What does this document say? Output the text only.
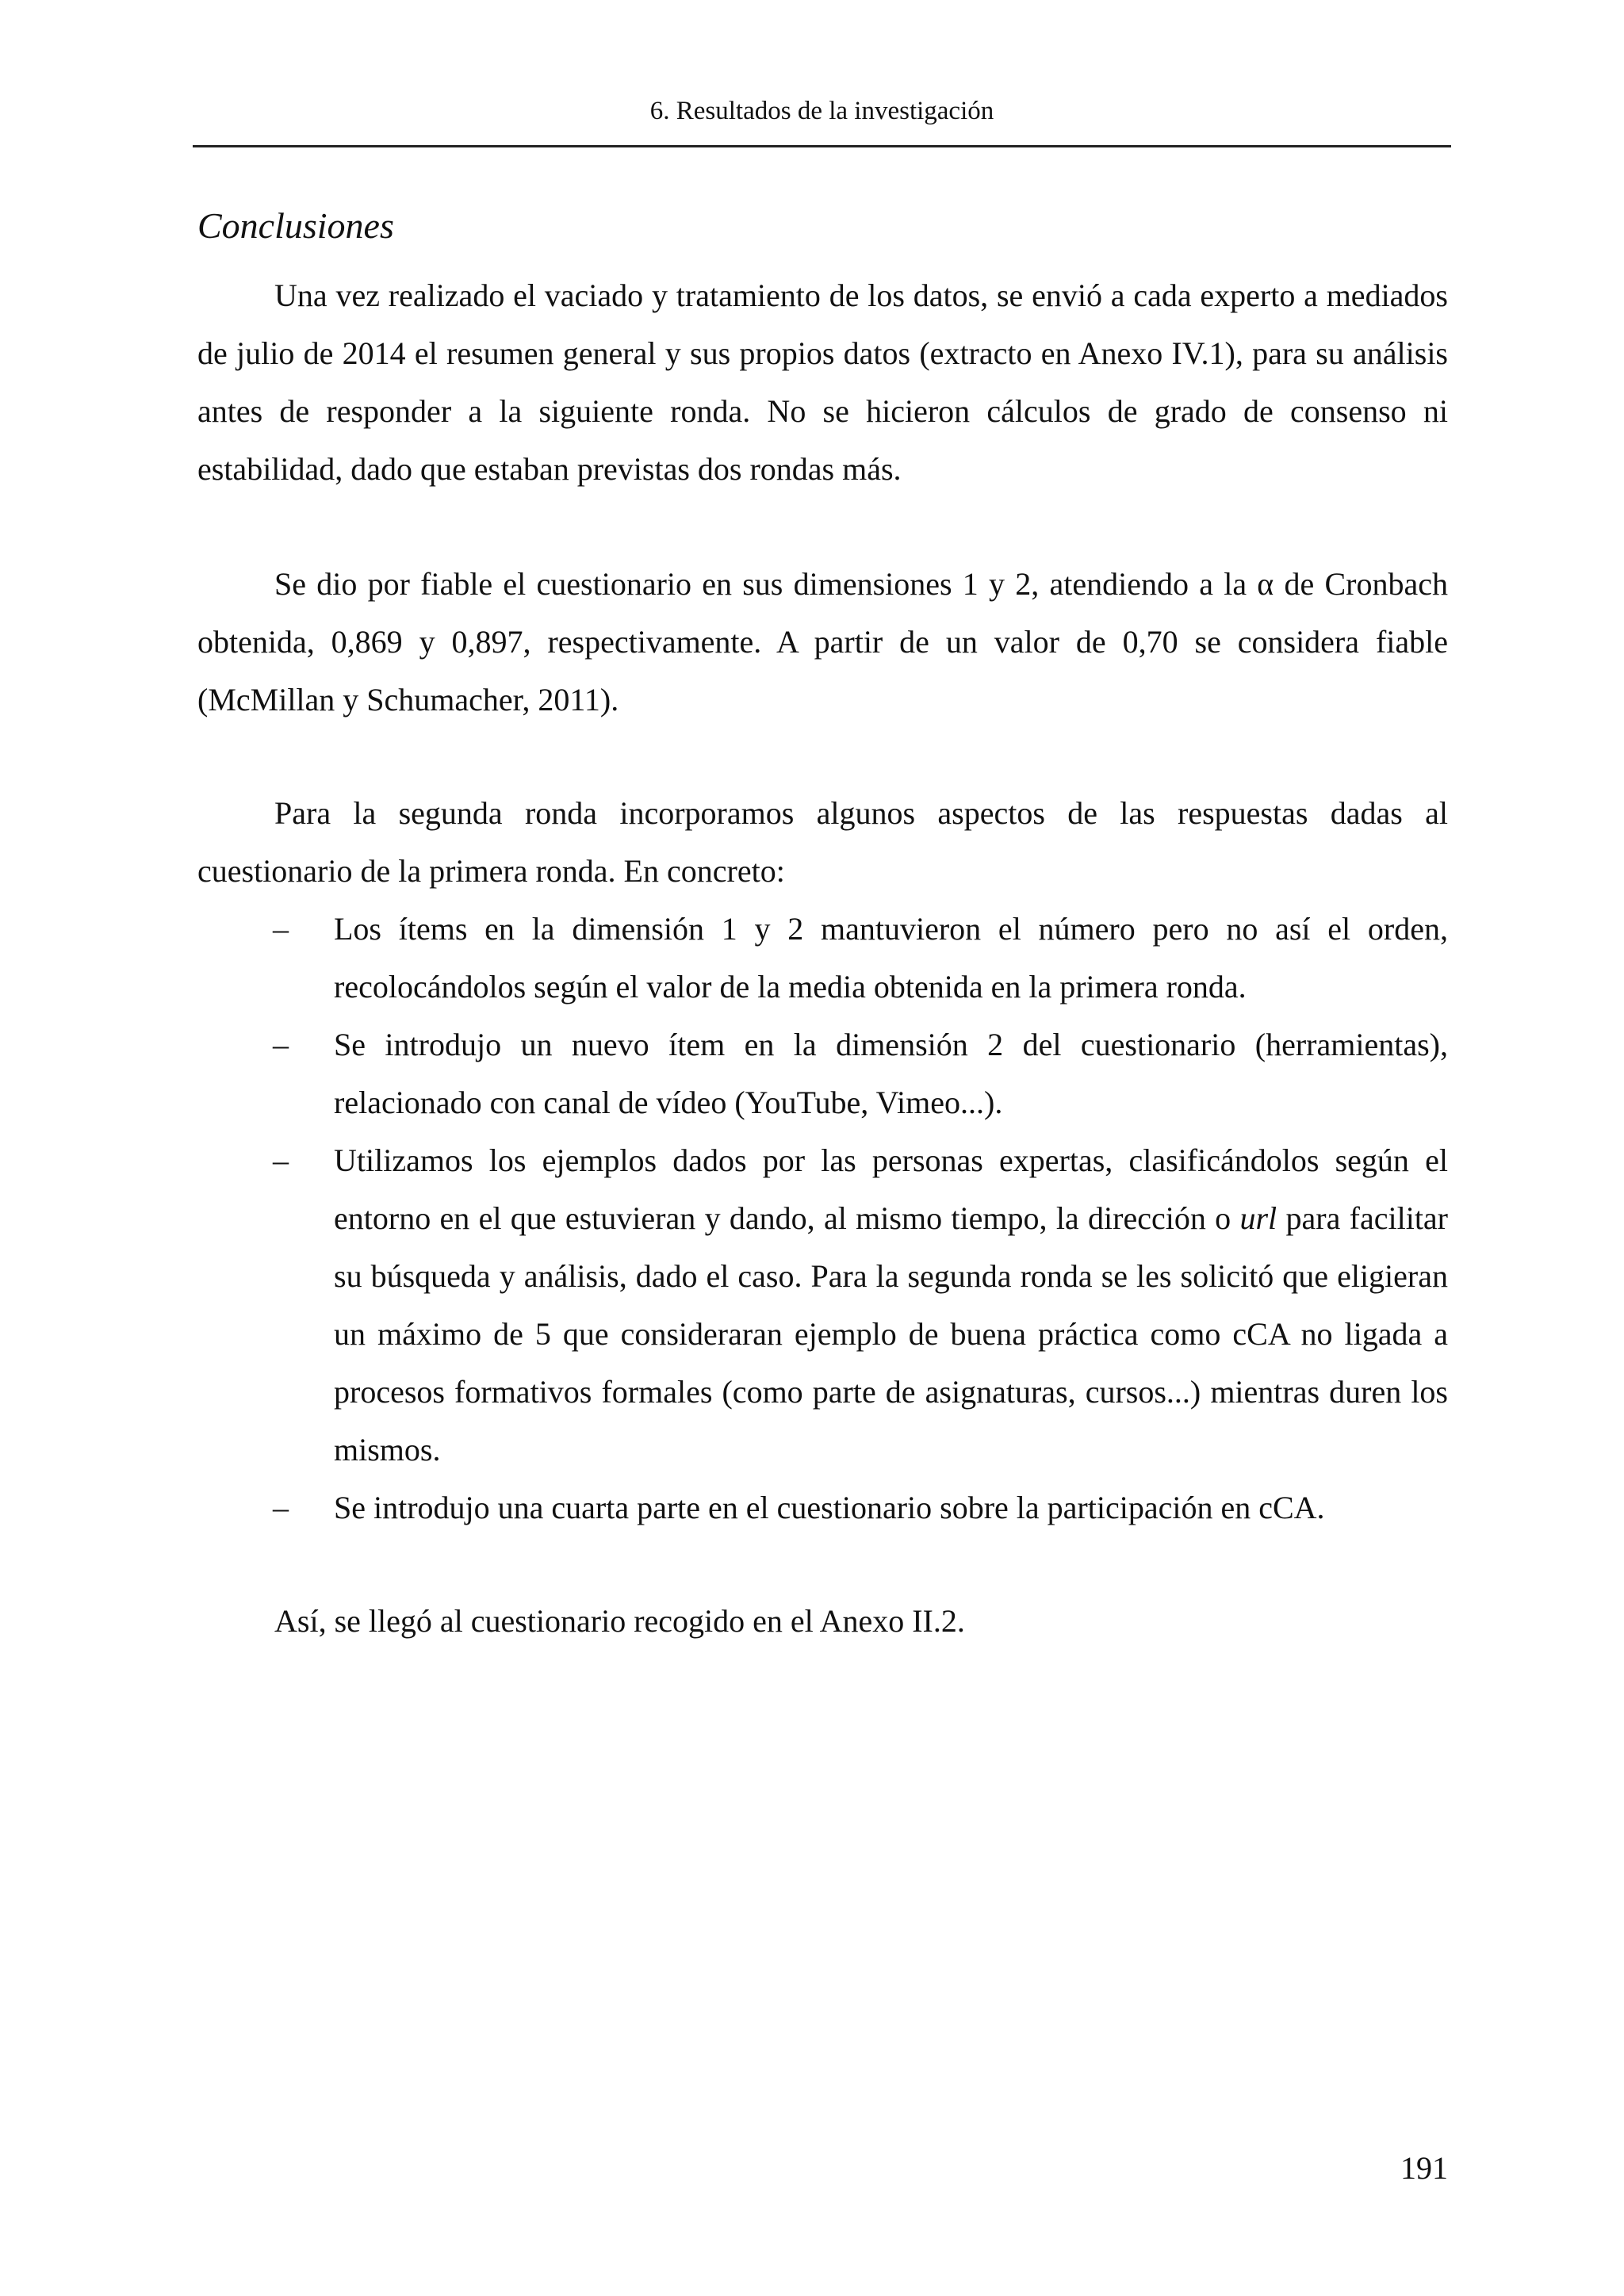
6. Resultados de la investigación
Conclusiones

Una vez realizado el vaciado y tratamiento de los datos, se envió a cada experto a mediados de julio de 2014 el resumen general y sus propios datos (extracto en Anexo IV.1), para su análisis antes de responder a la siguiente ronda. No se hicieron cálculos de grado de consenso ni estabilidad, dado que estaban previstas dos rondas más.

Se dio por fiable el cuestionario en sus dimensiones 1 y 2, atendiendo a la α de Cronbach obtenida, 0,869 y 0,897, respectivamente. A partir de un valor de 0,70 se considera fiable (McMillan y Schumacher, 2011).

Para la segunda ronda incorporamos algunos aspectos de las respuestas dadas al cuestionario de la primera ronda. En concreto:

– Los ítems en la dimensión 1 y 2 mantuvieron el número pero no así el orden, recolocándolos según el valor de la media obtenida en la primera ronda.
– Se introdujo un nuevo ítem en la dimensión 2 del cuestionario (herramientas), relacionado con canal de vídeo (YouTube, Vimeo...).
– Utilizamos los ejemplos dados por las personas expertas, clasificándolos según el entorno en el que estuvieran y dando, al mismo tiempo, la dirección o url para facilitar su búsqueda y análisis, dado el caso. Para la segunda ronda se les solicitó que eligieran un máximo de 5 que consideraran ejemplo de buena práctica como cCA no ligada a procesos formativos formales (como parte de asignaturas, cursos...) mientras duren los mismos.
– Se introdujo una cuarta parte en el cuestionario sobre la participación en cCA.

Así, se llegó al cuestionario recogido en el Anexo II.2.

191
